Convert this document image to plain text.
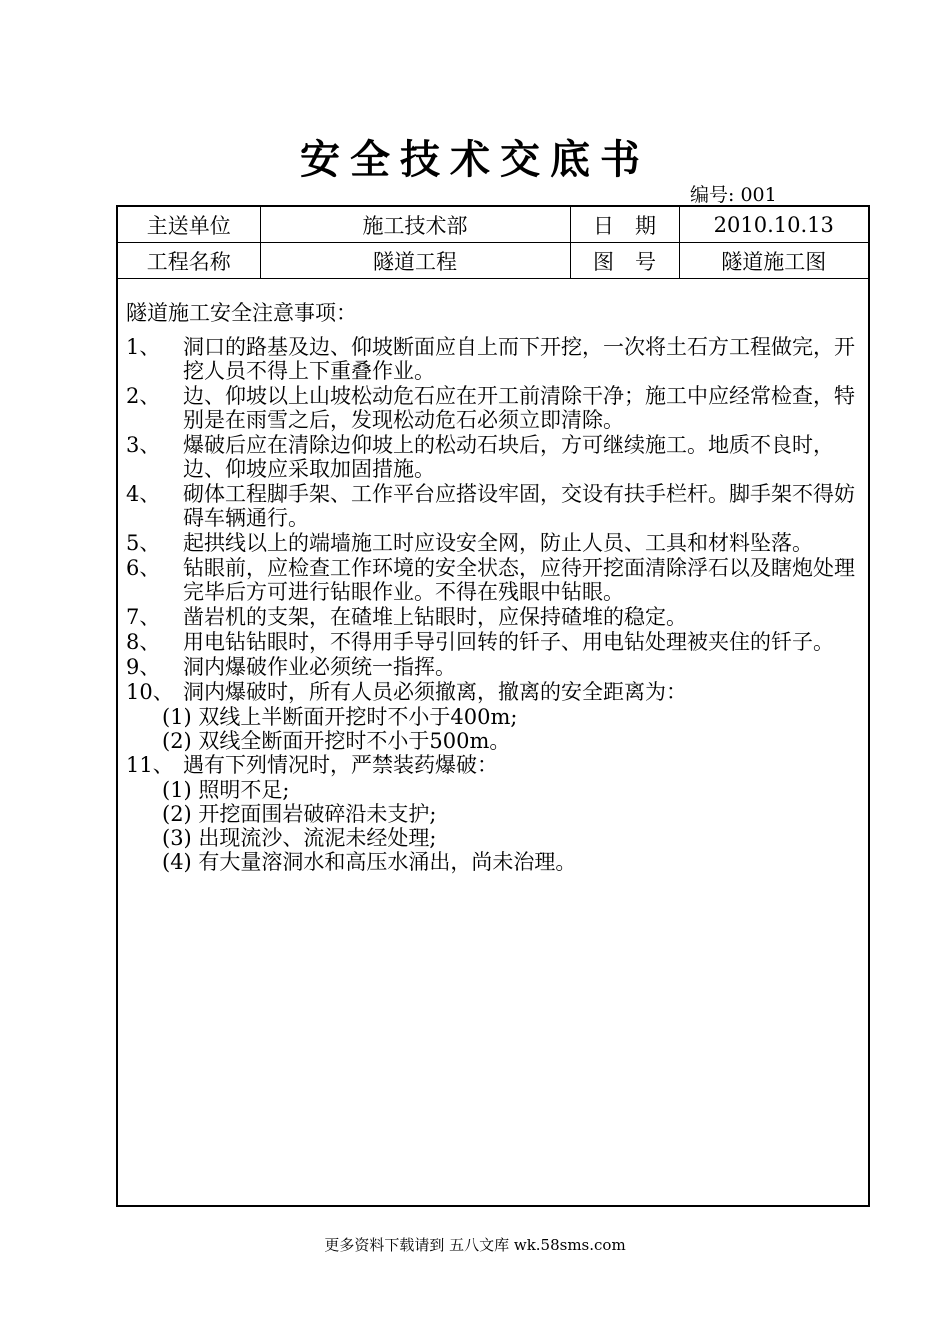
安全技术交底书
编号: 001
主送单位	施工技术部	日　期	2010.10.13
工程名称	隧道工程	图　号	隧道施工图

隧道施工安全注意事项：

1、 洞口的路基及边、仰坡断面应自上而下开挖，一次将土石方工程做完，开挖人员不得上下重叠作业。
2、 边、仰坡以上山坡松动危石应在开工前清除干净；施工中应经常检查，特别是在雨雪之后，发现松动危石必须立即清除。
3、 爆破后应在清除边仰坡上的松动石块后，方可继续施工。地质不良时，边、仰坡应采取加固措施。
4、 砌体工程脚手架、工作平台应搭设牢固，交设有扶手栏杆。脚手架不得妨碍车辆通行。
5、 起拱线以上的端墙施工时应设安全网，防止人员、工具和材料坠落。
6、 钻眼前，应检查工作环境的安全状态，应待开挖面清除浮石以及瞎炮处理完毕后方可进行钻眼作业。不得在残眼中钻眼。
7、 凿岩机的支架，在碴堆上钻眼时，应保持碴堆的稳定。
8、 用电钻钻眼时，不得用手导引回转的钎子、用电钻处理被夹住的钎子。
9、 洞内爆破作业必须统一指挥。
10、 洞内爆破时，所有人员必须撤离，撤离的安全距离为：
(1) 双线上半断面开挖时不小于400m;
(2) 双线全断面开挖时不小于500m。
11、 遇有下列情况时，严禁装药爆破：
(1) 照明不足;
(2) 开挖面围岩破碎沿未支护;
(3) 出现流沙、流泥未经处理;
(4) 有大量溶洞水和高压水涌出，尚未治理。
更多资料下载请到 五八文库 wk.58sms.com
